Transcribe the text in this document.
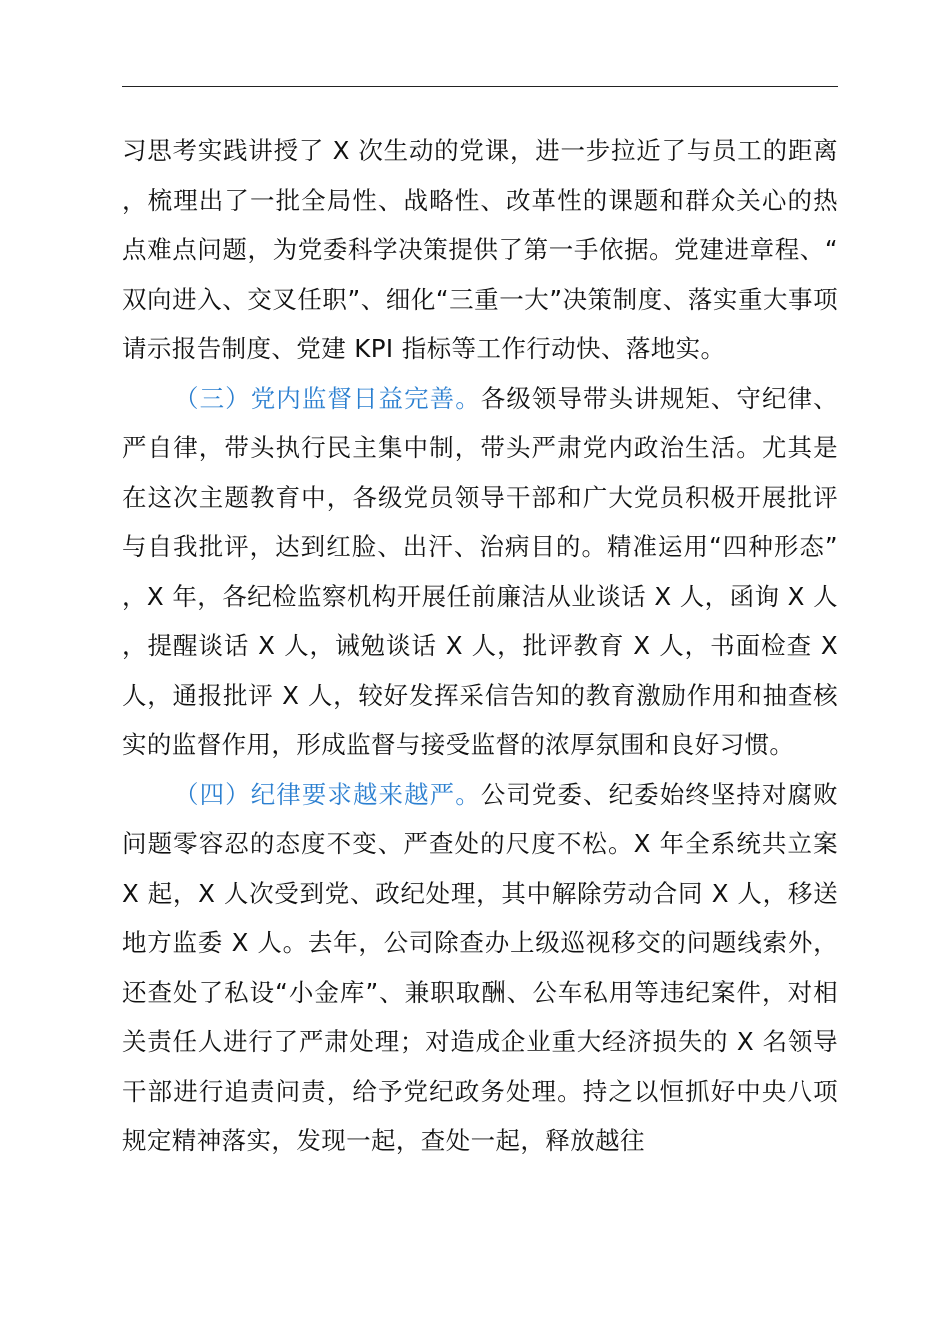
习思考实践讲授了 X 次生动的党课，进一步拉近了与员工的距离，梳理出了一批全局性、战略性、改革性的课题和群众关心的热点难点问题，为党委科学决策提供了第一手依据。党建进章程、“双向进入、交叉任职”、细化“三重一大”决策制度、落实重大事项请示报告制度、党建 KPI 指标等工作行动快、落地实。

（三）党内监督日益完善。各级领导带头讲规矩、守纪律、严自律，带头执行民主集中制，带头严肃党内政治生活。尤其是在这次主题教育中，各级党员领导干部和广大党员积极开展批评与自我批评，达到红脸、出汗、治病目的。精准运用“四种形态”，X 年，各纪检监察机构开展任前廉洁从业谈话 X 人，函询 X 人，提醒谈话 X 人，诫勉谈话 X 人，批评教育 X 人，书面检查 X 人，通报批评 X 人，较好发挥采信告知的教育激励作用和抽查核实的监督作用，形成监督与接受监督的浓厚氛围和良好习惯。

（四）纪律要求越来越严。公司党委、纪委始终坚持对腐败问题零容忍的态度不变、严查处的尺度不松。X 年全系统共立案 X 起，X 人次受到党、政纪处理，其中解除劳动合同 X 人，移送地方监委 X 人。去年，公司除查办上级巡视移交的问题线索外，还查处了私设“小金库”、兼职取酬、公车私用等违纪案件，对相关责任人进行了严肃处理；对造成企业重大经济损失的 X 名领导干部进行追责问责，给予党纪政务处理。持之以恒抓好中央八项规定精神落实，发现一起，查处一起，释放越往
